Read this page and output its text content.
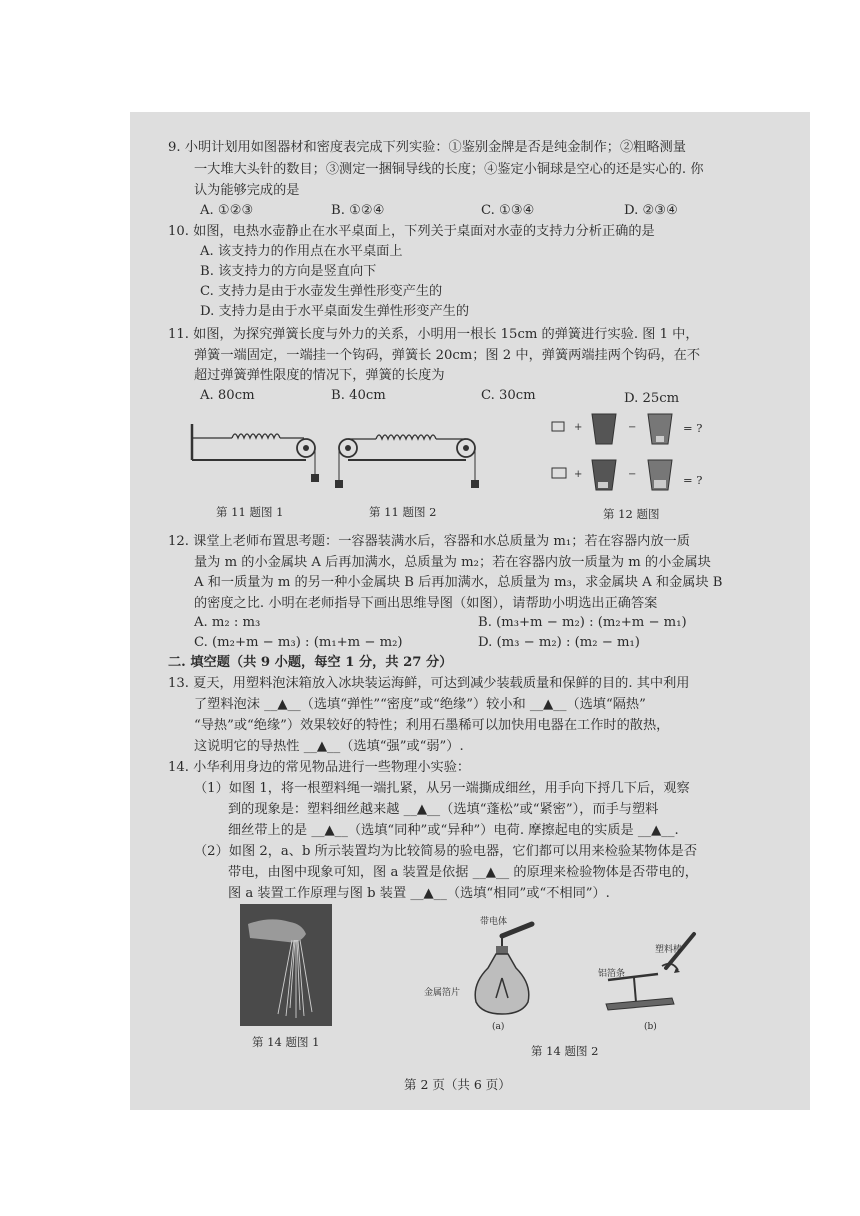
9. 小明计划用如图器材和密度表完成下列实验：①鉴别金牌是否是纯金制作；②粗略测量
一大堆大头针的数目；③测定一捆铜导线的长度；④鉴定小铜球是空心的还是实心的. 你
认为能够完成的是
A. ①②③	B. ①②④	C. ①③④	D. ②③④
10. 如图，电热水壶静止在水平桌面上，下列关于桌面对水壶的支持力分析正确的是
A. 该支持力的作用点在水平桌面上
B. 该支持力的方向是竖直向下
C. 支持力是由于水壶发生弹性形变产生的
D. 支持力是由于水平桌面发生弹性形变产生的
11. 如图，为探究弹簧长度与外力的关系，小明用一根长 15cm 的弹簧进行实验. 图 1 中，
弹簧一端固定，一端挂一个钩码，弹簧长 20cm；图 2 中，弹簧两端挂两个钩码，在不
超过弹簧弹性限度的情况下，弹簧的长度为
A. 80cm	B. 40cm	C. 30cm	D. 25cm
第 11 题图 1	第 11 题图 2
+	−
+	−
= ?
= ?
第 12 题图
12. 课堂上老师布置思考题：一容器装满水后，容器和水总质量为 m₁；若在容器内放一质
量为 m 的小金属块 A 后再加满水，总质量为 m₂；若在容器内放一质量为 m 的小金属块
A 和一质量为 m 的另一种小金属块 B 后再加满水，总质量为 m₃，求金属块 A 和金属块 B
的密度之比. 小明在老师指导下画出思维导图（如图），请帮助小明选出正确答案
A. m₂ : m₃	B. (m₃+m − m₂) : (m₂+m − m₁)
C. (m₂+m − m₃) : (m₁+m − m₂)	D. (m₃ − m₂) : (m₂ − m₁)
二. 填空题（共 9 小题，每空 1 分，共 27 分）
13. 夏天，用塑料泡沫箱放入冰块装运海鲜，可达到减少装载质量和保鲜的目的. 其中利用
了塑料泡沫 __▲__（选填“弹性”“密度”或“绝缘”）较小和 __▲__（选填“隔热”
“导热”或“绝缘”）效果较好的特性；利用石墨稀可以加快用电器在工作时的散热，
这说明它的导热性 __▲__（选填“强”或“弱”）.
14. 小华利用身边的常见物品进行一些物理小实验：
（1）如图 1，将一根塑料绳一端扎紧，从另一端撕成细丝，用手向下捋几下后，观察
到的现象是：塑料细丝越来越 __▲__（选填“蓬松”或“紧密”），而手与塑料
细丝带上的是 __▲__（选填“同种”或“异种”）电荷. 摩擦起电的实质是 __▲__.
（2）如图 2，a、b 所示装置均为比较简易的验电器，它们都可以用来检验某物体是否
带电，由图中现象可知，图 a 装置是依据 __▲__ 的原理来检验物体是否带电的，
图 a 装置工作原理与图 b 装置 __▲__（选填“相同”或“不相同”）.
第 14 题图 1
带电体
金属箔片
(a)
塑料棒
铝箔条
(b)
第 14 题图 2
第 2 页（共 6 页）
